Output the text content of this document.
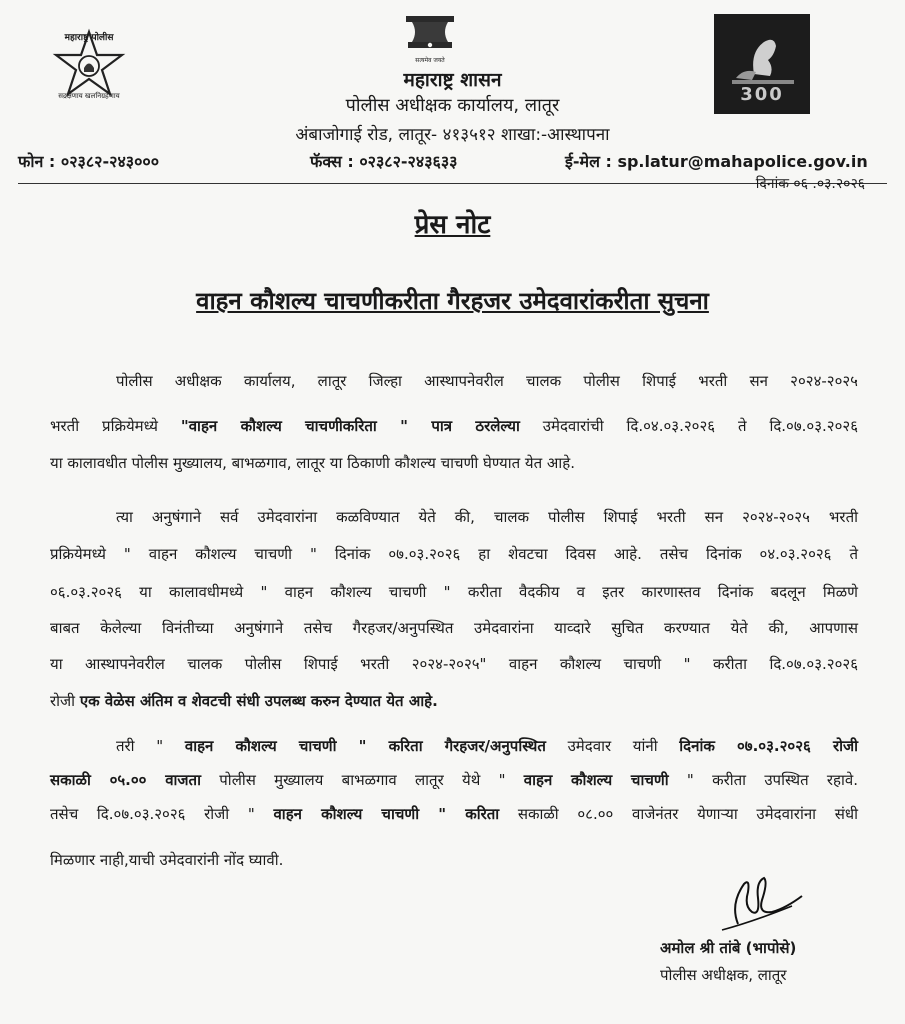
महाराष्ट्र पोलीस
सद्रक्षणाय खलनिग्रहणाय
सत्यमेव जयते
300
महाराष्ट्र शासन
पोलीस अधीक्षक कार्यालय, लातूर
अंबाजोगाई रोड, लातूर- ४१३५१२ शाखा:-आस्थापना
फोन : ०२३८२-२४३०००	फॅक्स : ०२३८२-२४३६३३	ई-मेल : sp.latur@mahapolice.gov.in
दिनांक ०६ .०३.२०२६
प्रेस नोट
वाहन कौशल्य चाचणीकरीता गैरहजर उमेदवारांकरीता सुचना
पोलीस अधीक्षक कार्यालय, लातूर जिल्हा आस्थापनेवरील चालक पोलीस शिपाई भरती सन २०२४-२०२५
भरती प्रक्रियेमध्ये "वाहन कौशल्य चाचणीकरिता " पात्र ठरलेल्या उमेदवारांची दि.०४.०३.२०२६ ते दि.०७.०३.२०२६
या कालावधीत पोलीस मुख्यालय, बाभळगाव, लातूर या ठिकाणी कौशल्य चाचणी घेण्यात येत आहे.
त्या अनुषंगाने सर्व उमेदवारांना कळविण्यात येते की, चालक पोलीस शिपाई भरती सन २०२४-२०२५ भरती
प्रक्रियेमध्ये " वाहन कौशल्य चाचणी " दिनांक ०७.०३.२०२६ हा शेवटचा दिवस आहे. तसेच दिनांक ०४.०३.२०२६ ते
०६.०३.२०२६ या कालावधीमध्ये " वाहन कौशल्य चाचणी " करीता वैदकीय व इतर कारणास्तव दिनांक बदलून मिळणे
बाबत केलेल्या विनंतीच्या अनुषंगाने तसेच गैरहजर/अनुपस्थित उमेदवारांना याव्दारे सुचित करण्यात येते की, आपणास
या आस्थापनेवरील चालक पोलीस शिपाई भरती २०२४-२०२५" वाहन कौशल्य चाचणी " करीता दि.०७.०३.२०२६
रोजी एक वेळेस अंतिम व शेवटची संधी उपलब्ध करुन देण्यात येत आहे.
तरी " वाहन कौशल्य चाचणी " करिता गैरहजर/अनुपस्थित उमेदवार यांनी दिनांक ०७.०३.२०२६ रोजी
सकाळी ०५.०० वाजता पोलीस मुख्यालय बाभळगाव लातूर येथे " वाहन कौशल्य चाचणी " करीता उपस्थित रहावे.
तसेच दि.०७.०३.२०२६ रोजी " वाहन कौशल्य चाचणी " करिता सकाळी ०८.०० वाजेनंतर येणाऱ्या उमेदवारांना संधी
मिळणार नाही,याची उमेदवारांनी नोंद घ्यावी.
अमोल श्री तांबे (भापोसे)
पोलीस अधीक्षक, लातूर
